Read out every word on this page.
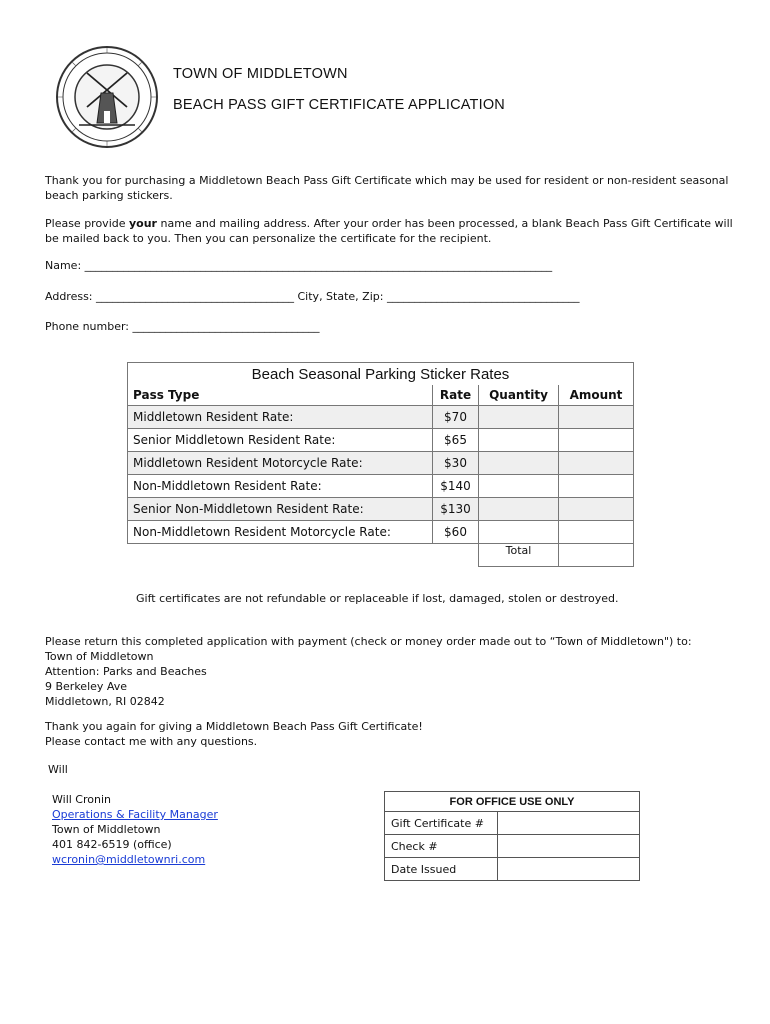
TOWN OF MIDDLETOWN
BEACH PASS GIFT CERTIFICATE APPLICATION
Thank you for purchasing a Middletown Beach Pass Gift Certificate which may be used for resident or non-resident seasonal beach parking stickers.
Please provide your name and mailing address. After your order has been processed, a blank Beach Pass Gift Certificate will be mailed back to you. Then you can personalize the certificate for the recipient.
Name: _____________________________________________________________________________________
Address: ____________________________________ City, State, Zip: ___________________________________
Phone number: __________________________________
Beach Seasonal Parking Sticker Rates			
Pass Type	Rate	Quantity	Amount
Middletown Resident Rate:	$70		
Senior Middletown Resident Rate:	$65		
Middletown Resident Motorcycle Rate:	$30		
Non-Middletown Resident Rate:	$140		
Senior Non-Middletown Resident Rate:	$130		
Non-Middletown Resident Motorcycle Rate:	$60		
		Total	
Gift certificates are not refundable or replaceable if lost, damaged, stolen or destroyed.
Please return this completed application with payment (check or money order made out to “Town of Middletown") to:
Town of Middletown
Attention: Parks and Beaches
9 Berkeley Ave
Middletown, RI 02842
Thank you again for giving a Middletown Beach Pass Gift Certificate!
Please contact me with any questions.
Will
Will Cronin
Operations & Facility Manager
Town of Middletown
401 842-6519 (office)
wcronin@middletownri.com
FOR OFFICE USE ONLY	
Gift Certificate #	
Check #	
Date Issued	
